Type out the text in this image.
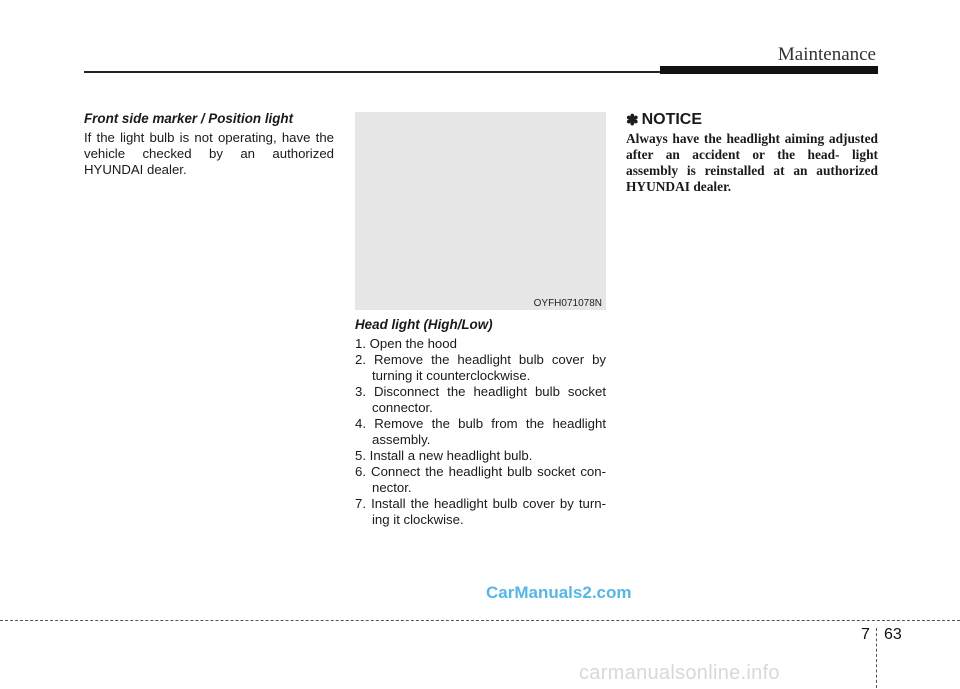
Maintenance

Front side marker / Position light

If the light bulb is not operating, have the vehicle checked by an authorized HYUNDAI dealer.

OYFH071078N

Head light (High/Low)

1. Open the hood
2. Remove the headlight bulb cover by turning it counterclockwise.
3. Disconnect the headlight bulb socket connector.
4. Remove the bulb from the headlight assembly.
5. Install a new headlight bulb.
6. Connect the headlight bulb socket con- nector.
7. Install the headlight bulb cover by turn- ing it clockwise.
✽ NOTICE

Always have the headlight aiming adjusted after an accident or the head- light assembly is reinstalled at an authorized HYUNDAI dealer.

CarManuals2.com
7 63
carmanualsonline.info
